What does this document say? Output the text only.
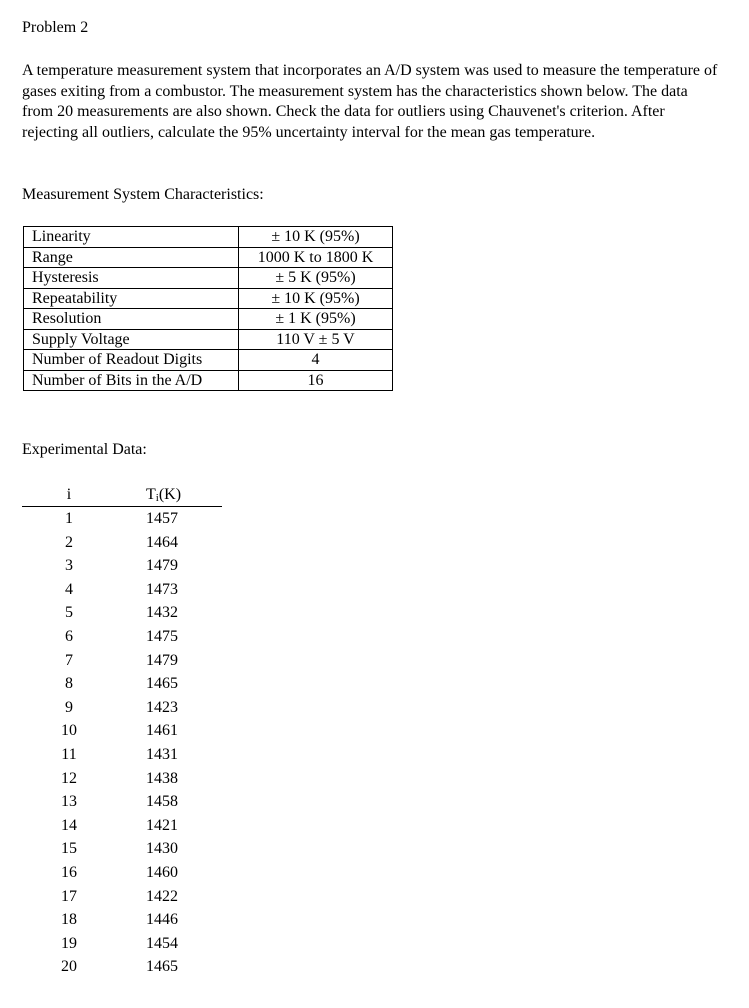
Problem 2
A temperature measurement system that incorporates an A/D system was used to measure the temperature of gases exiting from a combustor. The measurement system has the characteristics shown below. The data from 20 measurements are also shown. Check the data for outliers using Chauvenet's criterion. After rejecting all outliers, calculate the 95% uncertainty interval for the mean gas temperature.
Measurement System Characteristics:
Linearity	± 10 K (95%)
Range	1000 K to 1800 K
Hysteresis	± 5 K (95%)
Repeatability	± 10 K (95%)
Resolution	± 1 K (95%)
Supply Voltage	110 V ± 5 V
Number of Readout Digits	4
Number of Bits in the A/D	16
Experimental Data:
i	Ti(K)
1	1457
2	1464
3	1479
4	1473
5	1432
6	1475
7	1479
8	1465
9	1423
10	1461
11	1431
12	1438
13	1458
14	1421
15	1430
16	1460
17	1422
18	1446
19	1454
20	1465
